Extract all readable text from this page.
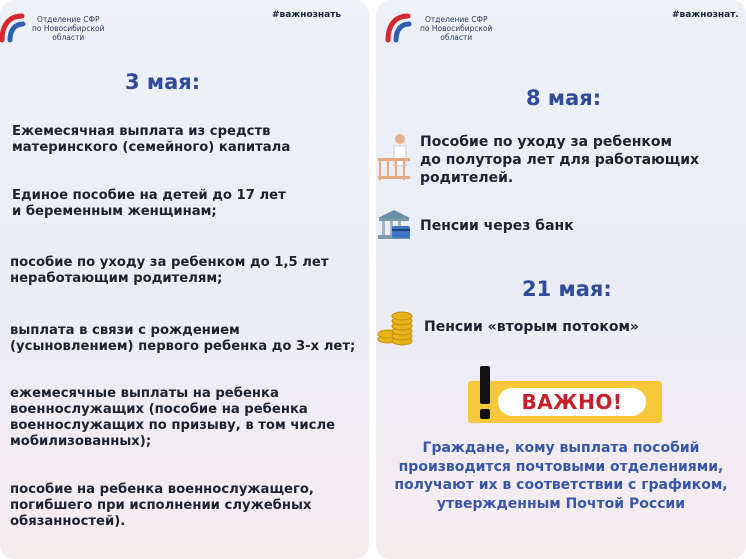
Отделение СФР
по Новосибирской
области
#важнознать
3 мая:
Ежемесячная выплата из средств
материнского (семейного) капитала
Единое пособие на детей до 17 лет
и беременным женщинам;
пособие по уходу за ребенком до 1,5 лет
неработающим родителям;
выплата в связи с рождением
(усыновлением) первого ребенка до 3-х лет;
ежемесячные выплаты на ребенка
военнослужащих (пособие на ребенка
военнослужащих по призыву, в том числе
мобилизованных);
пособие на ребенка военнослужащего,
погибшего при исполнении служебных
обязанностей).
Отделение СФР
по Новосибирской
области
#важнознат.
8 мая:
Пособие по уходу за ребенком
до полутора лет для работающих
родителей.
Пенсии через банк
21 мая:
Пенсии «вторым потоком»
ВАЖНО!
Граждане, кому выплата пособий
производится почтовыми отделениями,
получают их в соответствии с графиком,
утвержденным Почтой России
